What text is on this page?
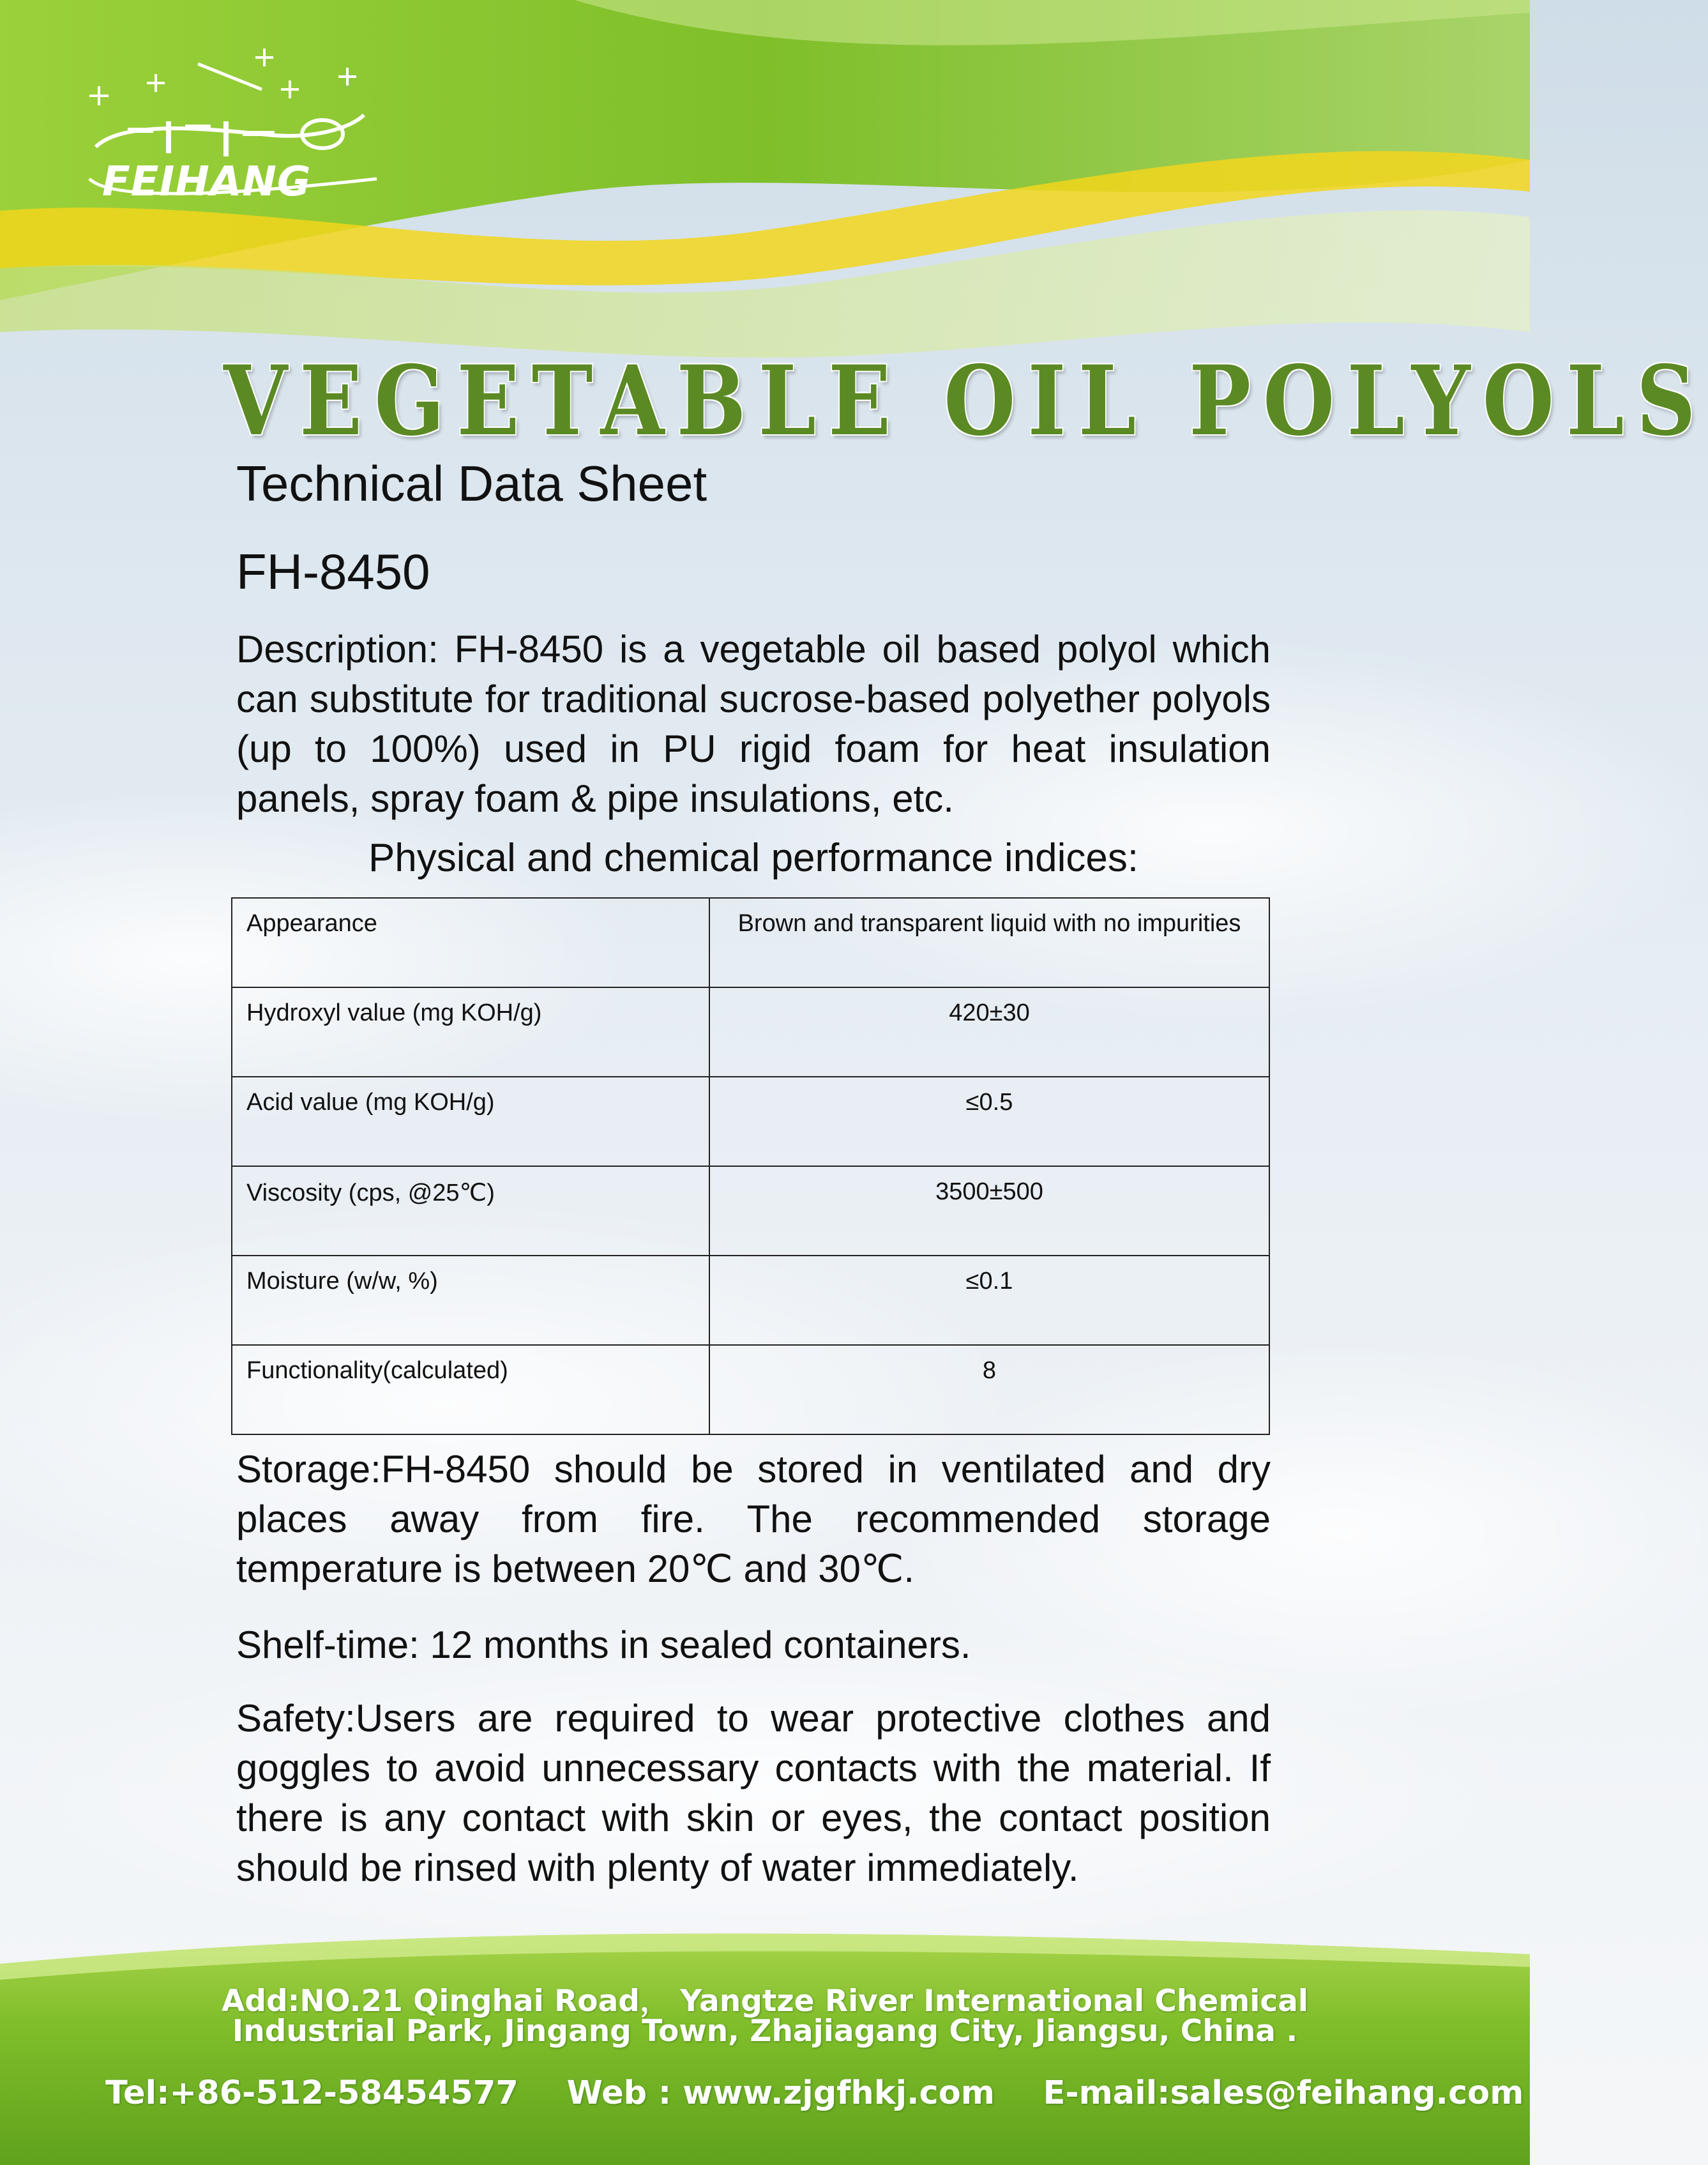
FEIHANG
VEGETABLE OIL POLYOLS
Technical Data Sheet
FH-8450
Description: FH-8450 is a vegetable oil based polyol which can substitute for traditional sucrose-based polyether polyols (up to 100%) used in PU rigid foam for heat insulation panels, spray foam & pipe insulations, etc.
Physical and chemical performance indices:
Appearance	Brown and transparent liquid with no impurities
Hydroxyl value (mg KOH/g)	420±30
Acid value (mg KOH/g)	≤0.5
Viscosity (cps, @25℃)	3500±500
Moisture (w/w, %)	≤0.1
Functionality(calculated)	8
Storage:FH-8450 should be stored in ventilated and dry places away from fire. The recommended storage temperature is between 20℃ and 30℃.
Shelf-time: 12 months in sealed containers.
Safety:Users are required to wear protective clothes and goggles to avoid unnecessary contacts with the material. If there is any contact with skin or eyes, the contact position should be rinsed with plenty of water immediately.
Add:NO.21 Qinghai Road， Yangtze River International Chemical
Industrial Park, Jingang Town, Zhajiagang City, Jiangsu, China .
Tel:+86-512-58454577 Web : www.zjgfhkj.com E-mail:sales@feihang.com
